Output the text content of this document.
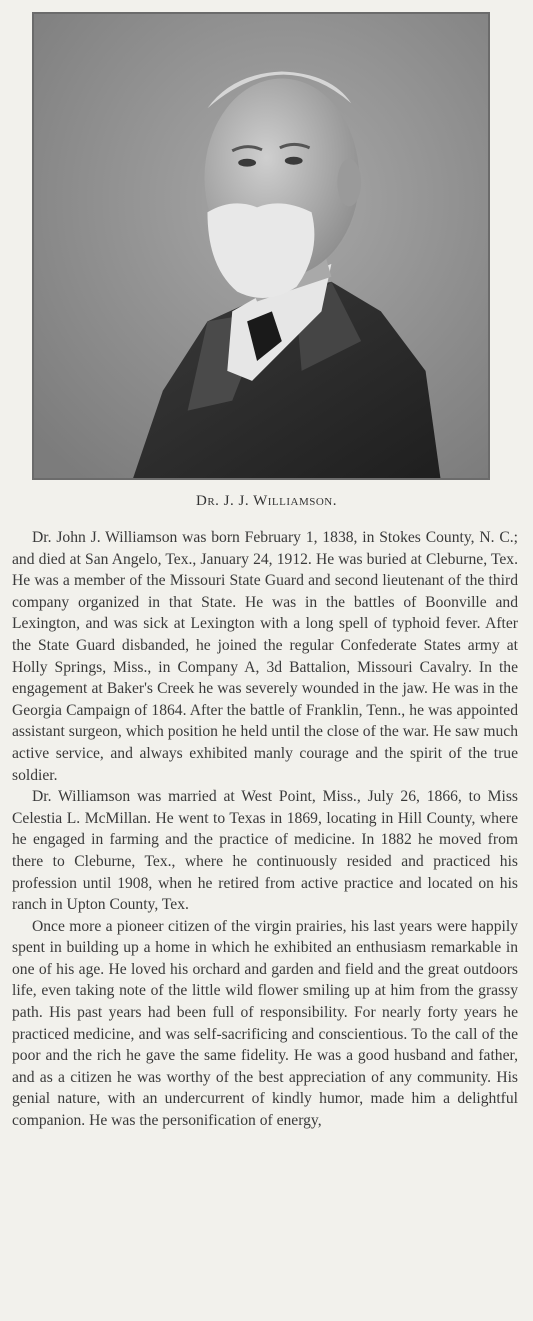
Dr. J. J. Williamson.

Dr. John J. Williamson was born February 1, 1838, in Stokes County, N. C.; and died at San Angelo, Tex., January 24, 1912. He was buried at Cleburne, Tex. He was a member of the Missouri State Guard and second lieutenant of the third company organized in that State. He was in the battles of Boonville and Lexington, and was sick at Lexington with a long spell of typhoid fever. After the State Guard disbanded, he joined the regular Confederate States army at Holly Springs, Miss., in Company A, 3d Battalion, Missouri Cavalry. In the engagement at Baker's Creek he was severely wounded in the jaw. He was in the Georgia Campaign of 1864. After the battle of Franklin, Tenn., he was appointed assistant surgeon, which position he held until the close of the war. He saw much active service, and always exhibited manly courage and the spirit of the true soldier.

Dr. Williamson was married at West Point, Miss., July 26, 1866, to Miss Celestia L. McMillan. He went to Texas in 1869, locating in Hill County, where he engaged in farming and the practice of medicine. In 1882 he moved from there to Cleburne, Tex., where he continuously resided and practiced his profession until 1908, when he retired from active practice and located on his ranch in Upton County, Tex.

Once more a pioneer citizen of the virgin prairies, his last years were happily spent in building up a home in which he exhibited an enthusiasm remarkable in one of his age. He loved his orchard and garden and field and the great outdoors life, even taking note of the little wild flower smiling up at him from the grassy path. His past years had been full of responsibility. For nearly forty years he practiced medicine, and was self-sacrificing and conscientious. To the call of the poor and the rich he gave the same fidelity. He was a good husband and father, and as a citizen he was worthy of the best appreciation of any community. His genial nature, with an undercurrent of kindly humor, made him a delightful companion. He was the personification of energy,
